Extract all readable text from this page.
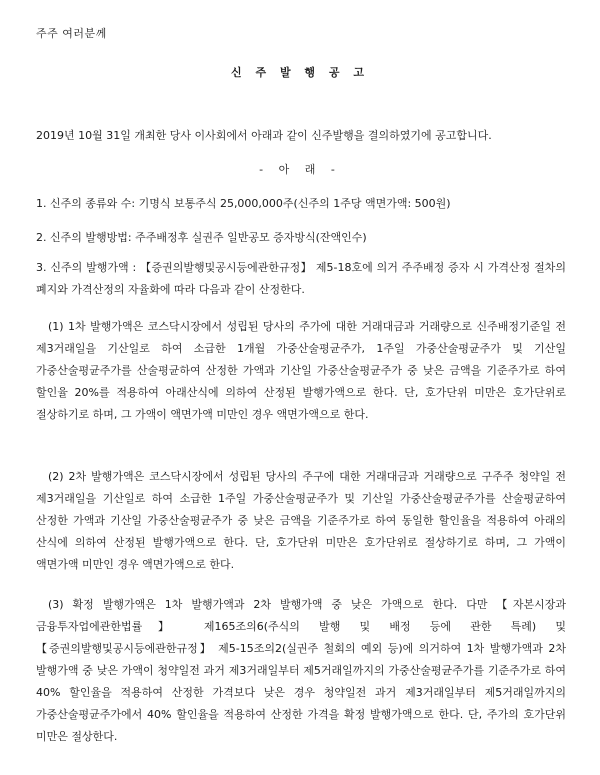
주주 여러분께
신 주 발 행 공 고
2019년 10월 31일 개최한 당사 이사회에서 아래과 같이 신주발행을 결의하였기에 공고합니다.
- 아 래 -
1. 신주의 종류와 수: 기명식 보통주식 25,000,000주(신주의 1주당 액면가액: 500원)
2. 신주의 발행방법: 주주배정후 실권주 일반공모 증자방식(잔액인수)
3. 신주의 발행가액 : 【증권의발행및공시등에관한규정】 제5-18호에 의거 주주배정 증자 시 가격산정 절차의 폐지와 가격산정의 자율화에 따라 다음과 같이 산정한다.
(1) 1차 발행가액은 코스닥시장에서 성립된 당사의 주가에 대한 거래대금과 거래량으로 신주배정기준일 전 제3거래일을 기산일로 하여 소급한 1개월 가중산술평균주가, 1주일 가중산술평균주가 및 기산일 가중산술평균주가를 산술평균하여 산정한 가액과 기산일 가중산술평균주가 중 낮은 금액을 기준주가로 하여 할인율 20%를 적용하여 아래산식에 의하여 산정된 발행가액으로 한다. 단, 호가단위 미만은 호가단위로 절상하기로 하며, 그 가액이 액면가액 미만인 경우 액면가액으로 한다.
(2) 2차 발행가액은 코스닥시장에서 성립된 당사의 주구에 대한 거래대금과 거래량으로 구주주 청약일 전 제3거래일을 기산일로 하여 소급한 1주일 가중산술평균주가 및 기산일 가중산술평균주가를 산술평균하여 산정한 가액과 기산일 가중산술평균주가 중 낮은 금액을 기준주가로 하여 동일한 할인율을 적용하여 아래의 산식에 의하여 산정된 발행가액으로 한다. 단, 호가단위 미만은 호가단위로 절상하기로 하며, 그 가액이 액면가액 미만인 경우 액면가액으로 한다.
(3) 확정 발행가액은 1차 발행가액과 2차 발행가액 중 낮은 가액으로 한다. 다만 【자본시장과 금융투자업에관한법률】 제165조의6(주식의 발행 및 배정 등에 관한 특례) 및 【증권의발행및공시등에관한규정】 제5-15조의2(실권주 철회의 예외 등)에 의거하여 1차 발행가액과 2차 발행가액 중 낮은 가액이 청약일전 과거 제3거래일부터 제5거래일까지의 가중산술평균주가를 기준주가로 하여 40% 할인율을 적용하여 산정한 가격보다 낮은 경우 청약일전 과거 제3거래일부터 제5거래일까지의 가중산술평균주가에서 40% 할인율을 적용하여 산정한 가격을 확정 발행가액으로 한다. 단, 주가의 호가단위 미만은 절상한다.
